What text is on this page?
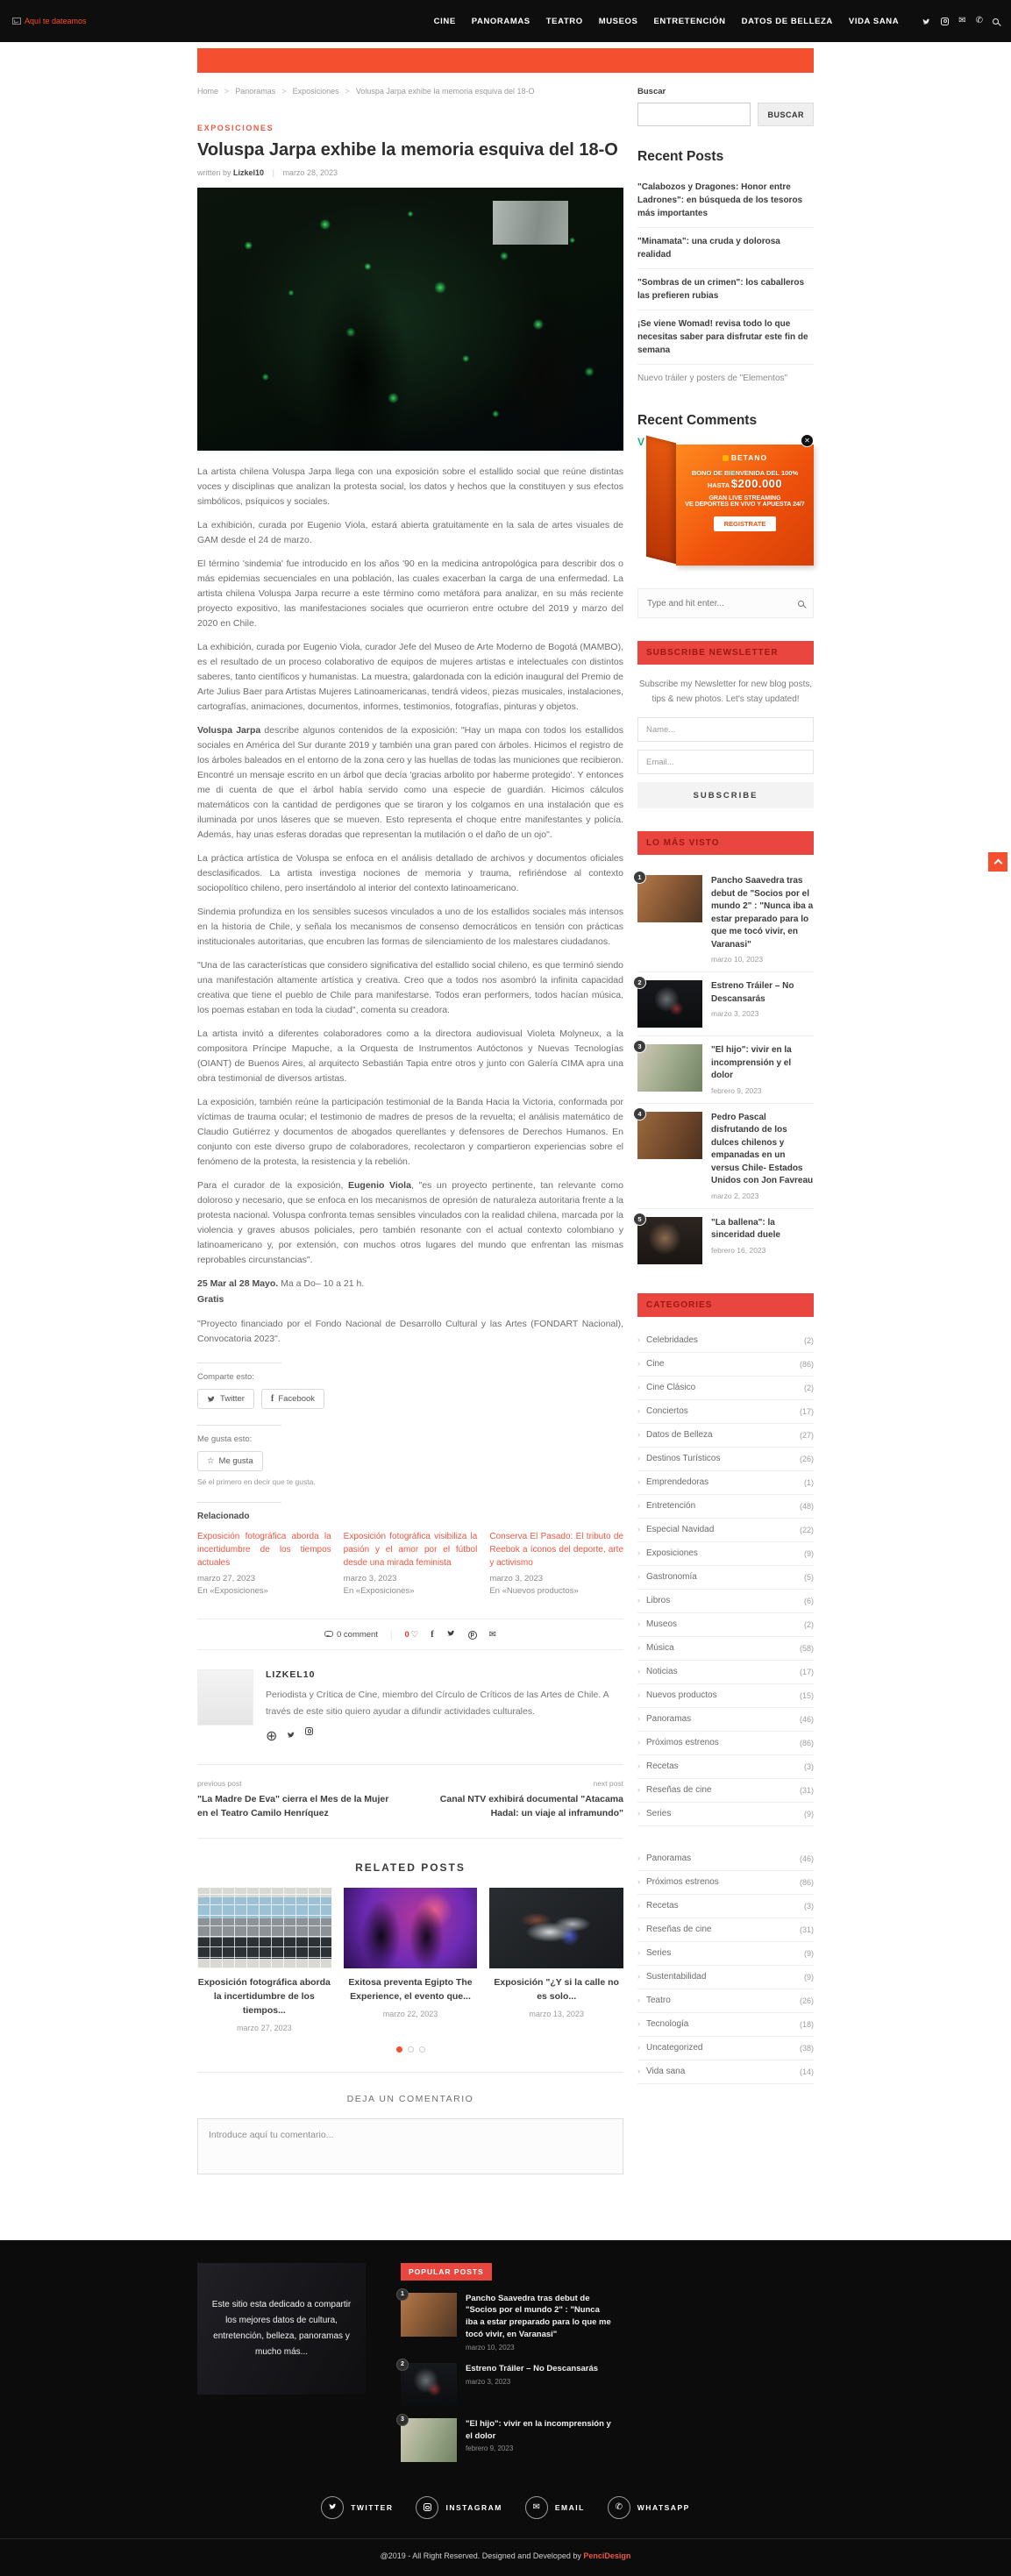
Aquí te dateamos	CINE PANORAMAS TEATRO MUSEOS ENTRETENCIÓN DATOS DE BELLEZA VIDA SANA
✉
✆
Home > Panoramas > Exposiciones > Voluspa Jarpa exhibe la memoria esquiva del 18-O
EXPOSICIONES
Voluspa Jarpa exhibe la memoria esquiva del 18-O
written by Lizkel10 | marzo 28, 2023

La artista chilena Voluspa Jarpa llega con una exposición sobre el estallido social que reúne distintas voces y disciplinas que analizan la protesta social, los datos y hechos que la constituyen y sus efectos simbólicos, psíquicos y sociales.

La exhibición, curada por Eugenio Viola, estará abierta gratuitamente en la sala de artes visuales de GAM desde el 24 de marzo.

El término 'sindemia' fue introducido en los años '90 en la medicina antropológica para describir dos o más epidemias secuenciales en una población, las cuales exacerban la carga de una enfermedad. La artista chilena Voluspa Jarpa recurre a este término como metáfora para analizar, en su más reciente proyecto expositivo, las manifestaciones sociales que ocurrieron entre octubre del 2019 y marzo del 2020 en Chile.

La exhibición, curada por Eugenio Viola, curador Jefe del Museo de Arte Moderno de Bogotá (MAMBO), es el resultado de un proceso colaborativo de equipos de mujeres artistas e intelectuales con distintos saberes, tanto científicos y humanistas. La muestra, galardonada con la edición inaugural del Premio de Arte Julius Baer para Artistas Mujeres Latinoamericanas, tendrá videos, piezas musicales, instalaciones, cartografías, animaciones, documentos, informes, testimonios, fotografías, pinturas y objetos.

Voluspa Jarpa describe algunos contenidos de la exposición: "Hay un mapa con todos los estallidos sociales en América del Sur durante 2019 y también una gran pared con árboles. Hicimos el registro de los árboles baleados en el entorno de la zona cero y las huellas de todas las municiones que recibieron. Encontré un mensaje escrito en un árbol que decía 'gracias arbolito por haberme protegido'. Y entonces me di cuenta de que el árbol había servido como una especie de guardián. Hicimos cálculos matemáticos con la cantidad de perdigones que se tiraron y los colgamos en una instalación que es iluminada por unos láseres que se mueven. Esto representa el choque entre manifestantes y policía. Además, hay unas esferas doradas que representan la mutilación o el daño de un ojo".

La práctica artística de Voluspa se enfoca en el análisis detallado de archivos y documentos oficiales desclasificados. La artista investiga nociones de memoria y trauma, refiriéndose al contexto sociopolítico chileno, pero insertándolo al interior del contexto latinoamericano.

Sindemia profundiza en los sensibles sucesos vinculados a uno de los estallidos sociales más intensos en la historia de Chile, y señala los mecanismos de consenso democráticos en tensión con prácticas institucionales autoritarias, que encubren las formas de silenciamiento de los malestares ciudadanos.

"Una de las características que considero significativa del estallido social chileno, es que terminó siendo una manifestación altamente artística y creativa. Creo que a todos nos asombró la infinita capacidad creativa que tiene el pueblo de Chile para manifestarse. Todos eran performers, todos hacían música, los poemas estaban en toda la ciudad", comenta su creadora.

La artista invitó a diferentes colaboradores como a la directora audiovisual Violeta Molyneux, a la compositora Príncipe Mapuche, a la Orquesta de Instrumentos Autóctonos y Nuevas Tecnologías (OIANT) de Buenos Aires, al arquitecto Sebastián Tapia entre otros y junto con Galería CIMA apra una obra testimonial de diversos artistas.

La exposición, también reúne la participación testimonial de la Banda Hacia la Victoria, conformada por víctimas de trauma ocular; el testimonio de madres de presos de la revuelta; el análisis matemático de Claudio Gutiérrez y documentos de abogados querellantes y defensores de Derechos Humanos. En conjunto con este diverso grupo de colaboradores, recolectaron y compartieron experiencias sobre el fenómeno de la protesta, la resistencia y la rebelión.

Para el curador de la exposición, Eugenio Viola, "es un proyecto pertinente, tan relevante como doloroso y necesario, que se enfoca en los mecanismos de opresión de naturaleza autoritaria frente a la protesta nacional. Voluspa confronta temas sensibles vinculados con la realidad chilena, marcada por la violencia y graves abusos policiales, pero también resonante con el actual contexto colombiano y latinoamericano y, por extensión, con muchos otros lugares del mundo que enfrentan las mismas reprobables circunstancias".

25 Mar al 28 Mayo. Ma a Do– 10 a 21 h.
Gratis

"Proyecto financiado por el Fondo Nacional de Desarrollo Cultural y las Artes (FONDART Nacional), Convocatoria 2023".

Comparte esto:
Twitter	f Facebook
Me gusta esto:
☆ Me gusta
Sé el primero en decir que te gusta.
Relacionado
Exposición fotográfica aborda la incertidumbre de los tiempos actuales
marzo 27, 2023
En «Exposiciones»
Exposición fotográfica visibiliza la pasión y el amor por el fútbol desde una mirada feminista
marzo 3, 2023
En «Exposiciones»
Conserva El Pasado: El tributo de Reebok a íconos del deporte, arte y activismo
marzo 3, 2023
En «Nuevos productos»
0 comment | 0 ♡ f	p
✉
LIZKEL10
Periodista y Crítica de Cine, miembro del Círculo de Críticos de las Artes de Chile. A través de este sitio quiero ayudar a difundir actividades culturales.
⊕
previous post
"La Madre De Eva" cierra el Mes de la Mujer en el Teatro Camilo Henríquez
next post
Canal NTV exhibirá documental "Atacama Hadal: un viaje al inframundo"
RELATED POSTS
Exposición fotográfica aborda la incertidumbre de los tiempos...
marzo 27, 2023
Exitosa preventa Egipto The Experience, el evento que...
marzo 22, 2023
Exposición "¿Y si la calle no es solo...
marzo 13, 2023
DEJA UN COMENTARIO
Introduce aquí tu comentario...
Buscar
BUSCAR
Recent Posts
"Calabozos y Dragones: Honor entre Ladrones": en búsqueda de los tesoros más importantes
"Minamata": una cruda y dolorosa realidad
"Sombras de un crimen": los caballeros las prefieren rubias
¡Se viene Womad! revisa todo lo que necesitas saber para disfrutar este fin de semana
Nuevo tráiler y posters de "Elementos"
Recent Comments
V	✕
BETANO
BONO DE BIENVENIDA DEL 100%
HASTA $200.000
GRAN LIVE STREAMING
VE DEPORTES EN VIVO Y APUESTA 24/7
REGISTRATE
Type and hit enter...
SUBSCRIBE NEWSLETTER
Subscribe my Newsletter for new blog posts, tips & new photos. Let's stay updated!
Name... Email... SUBSCRIBE
LO MÁS VISTO
1	Pancho Saavedra tras debut de "Socios por el mundo 2" : "Nunca iba a estar preparado para lo que me tocó vivir, en Varanasi"
marzo 10, 2023
2	Estreno Tráiler – No Descansarás
marzo 3, 2023
3	"El hijo": vivir en la incomprensión y el dolor
febrero 9, 2023
4	Pedro Pascal disfrutando de los dulces chilenos y empanadas en un versus Chile- Estados Unidos con Jon Favreau
marzo 2, 2023
5	"La ballena": la sinceridad duele
febrero 16, 2023
CATEGORIES
› Celebridades	(2)
› Cine	(86)
› Cine Clásico	(2)
› Conciertos	(17)
› Datos de Belleza	(27)
› Destinos Turísticos	(26)
› Emprendedoras	(1)
› Entretención	(48)
› Especial Navidad	(22)
› Exposiciones	(9)
› Gastronomía	(5)
› Libros	(6)
› Museos	(2)
› Música	(58)
› Noticias	(17)
› Nuevos productos	(15)
› Panoramas	(46)
› Próximos estrenos	(86)
› Recetas	(3)
› Reseñas de cine	(31)
› Series	(9)
› Panoramas	(46)
› Próximos estrenos	(86)
› Recetas	(3)
› Reseñas de cine	(31)
› Series	(9)
› Sustentabilidad	(9)
› Teatro	(26)
› Tecnología	(18)
› Uncategorized	(38)
› Vida sana	(14)
Este sitio esta dedicado a compartir los mejores datos de cultura, entretención, belleza, panoramas y mucho más...
POPULAR POSTS
1	Pancho Saavedra tras debut de "Socios por el mundo 2" : "Nunca iba a estar preparado para lo que me tocó vivir, en Varanasi"
marzo 10, 2023
2	Estreno Tráiler – No Descansarás
marzo 3, 2023
3	"El hijo": vivir en la incomprensión y el dolor
febrero 9, 2023
TWITTER	INSTAGRAM ✉	EMAIL ✆	WHATSAPP
@2019 - All Right Reserved. Designed and Developed by PenciDesign
